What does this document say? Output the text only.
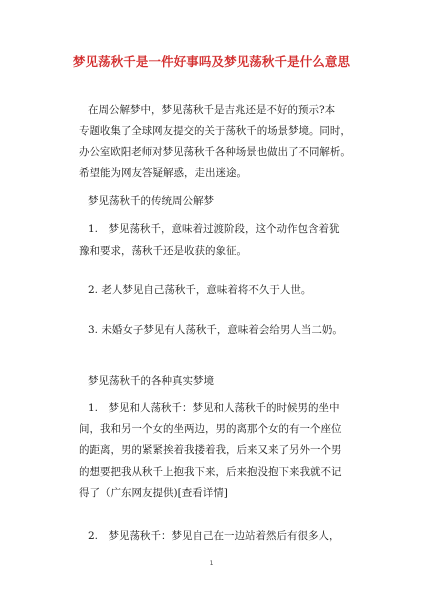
梦见荡秋千是一件好事吗及梦见荡秋千是什么意思
在周公解梦中，梦见荡秋千是吉兆还是不好的预示?本
专题收集了全球网友提交的关于荡秋千的场景梦境。同时，
办公室欧阳老师对梦见荡秋千各种场景也做出了不同解析。
希望能为网友答疑解惑，走出迷途。
梦见荡秋千的传统周公解梦
1.　梦见荡秋千，意味着过渡阶段，这个动作包含着犹
豫和要求，荡秋千还是收获的象征。
2. 老人梦见自己荡秋千，意味着将不久于人世。
3. 未婚女子梦见有人荡秋千，意味着会给男人当二奶。
梦见荡秋千的各种真实梦境
1.　梦见和人荡秋千：梦见和人荡秋千的时候男的坐中
间，我和另一个女的坐两边，男的离那个女的有一个座位
的距离，男的紧紧挨着我搂着我，后来又来了另外一个男
的想要把我从秋千上抱我下来，后来抱没抱下来我就不记
得了（广东网友提供)[查看详情]
2.　梦见荡秋千：梦见自己在一边站着然后有很多人，
1
